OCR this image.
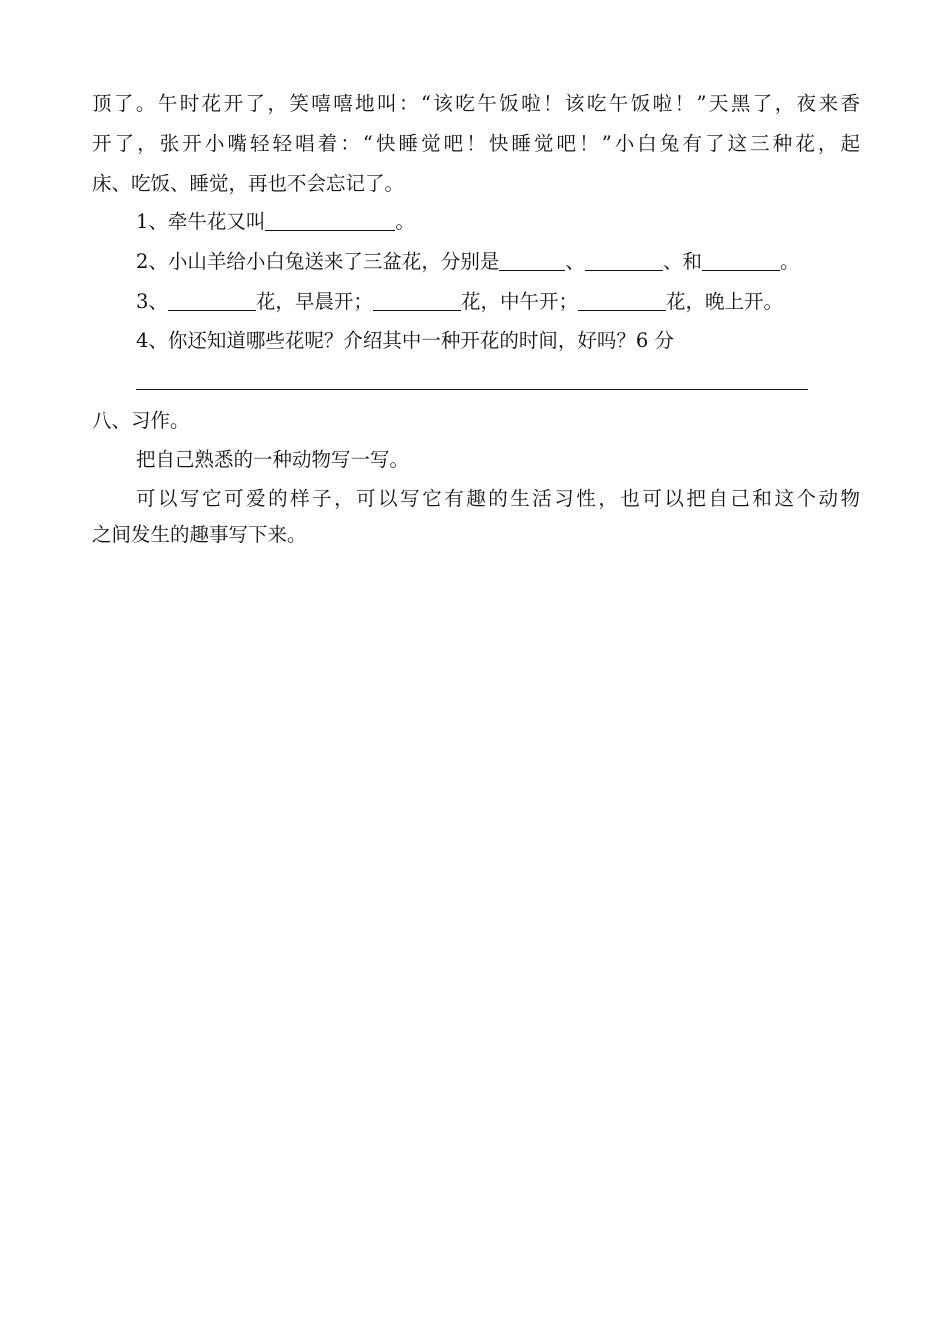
顶了。午时花开了，笑嘻嘻地叫：“该吃午饭啦！该吃午饭啦！”天黑了，夜来香
开了，张开小嘴轻轻唱着：“快睡觉吧！快睡觉吧！”小白兔有了这三种花，起
床、吃饭、睡觉，再也不会忘记了。
1、牵牛花又叫	。
2、小山羊给小白兔送来了三盆花，分别是	、	、和	。
3、	花，早晨开；	花，中午开；	花，晚上开。
4、你还知道哪些花呢？介绍其中一种开花的时间，好吗？6 分
八、习作。
把自己熟悉的一种动物写一写。
可以写它可爱的样子，可以写它有趣的生活习性，也可以把自己和这个动物
之间发生的趣事写下来。
